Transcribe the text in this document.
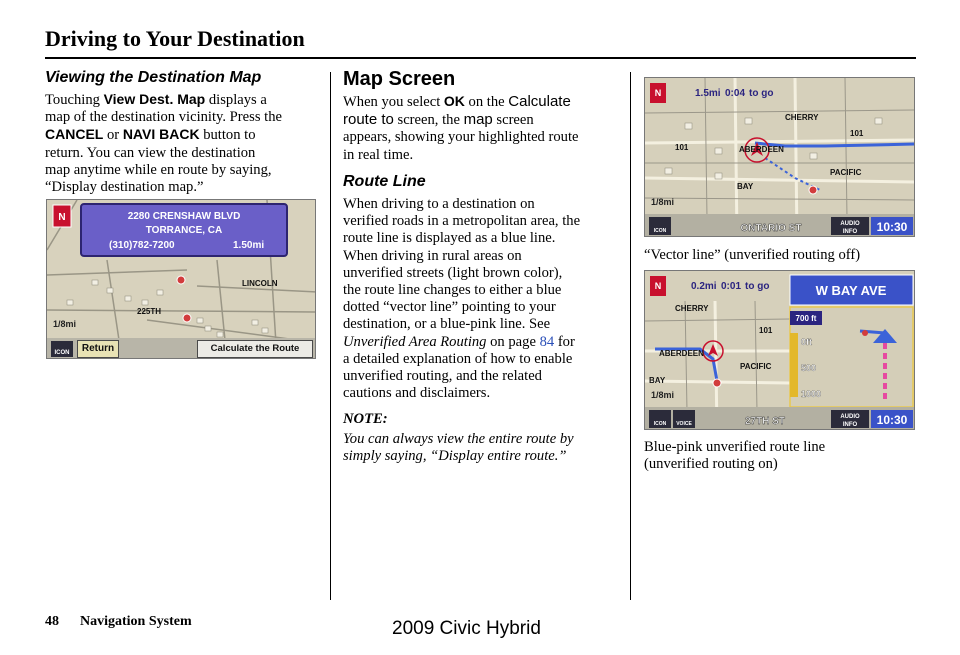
Driving to Your Destination
Viewing the Destination Map
Touching View Dest. Map displays a
map of the destination vicinity. Press the
CANCEL or NAVI BACK button to
return. You can view the destination
map anytime while en route by saying,
“Display destination map.”
LINCOLN
225TH
2280 CRENSHAW BLVD
TORRANCE, CA
(310)782-7200	1.50mi
N
1/8mi
ICON	Return	Calculate the Route
Map Screen
When you select OK on the Calculate
route to screen, the map screen
appears, showing your highlighted route
in real time.
Route Line
When driving to a destination on
verified roads in a metropolitan area, the
route line is displayed as a blue line.
When driving in rural areas on
unverified streets (light brown color),
the route line changes to either a blue
dotted “vector line” pointing to your
destination, or a blue-pink line. See
Unverified Area Routing on page 84 for
a detailed explanation of how to enable
unverified routing, and the related
cautions and disclaimers.
NOTE:
You can always view the entire route by
simply saying, “Display entire route.”
ABERDEEN
CHERRY
PACIFIC
BAY
101
101
N	1.5mi 0:04 to go
1/8mi
ICON	ONTARIO ST	AUDIO
INFO 10:30
“Vector line” (unverified routing off)
CHERRY
ABERDEEN
PACIFIC
BAY
101
W BAY AVE
700 ft
0ft
500
1000
N	0.2mi 0:01 to go
1/8mi
ICON VOICE	27TH ST	AUDIO
INFO 10:30
Blue-pink unverified route line
(unverified routing on)
48 Navigation System	2009 Civic Hybrid
